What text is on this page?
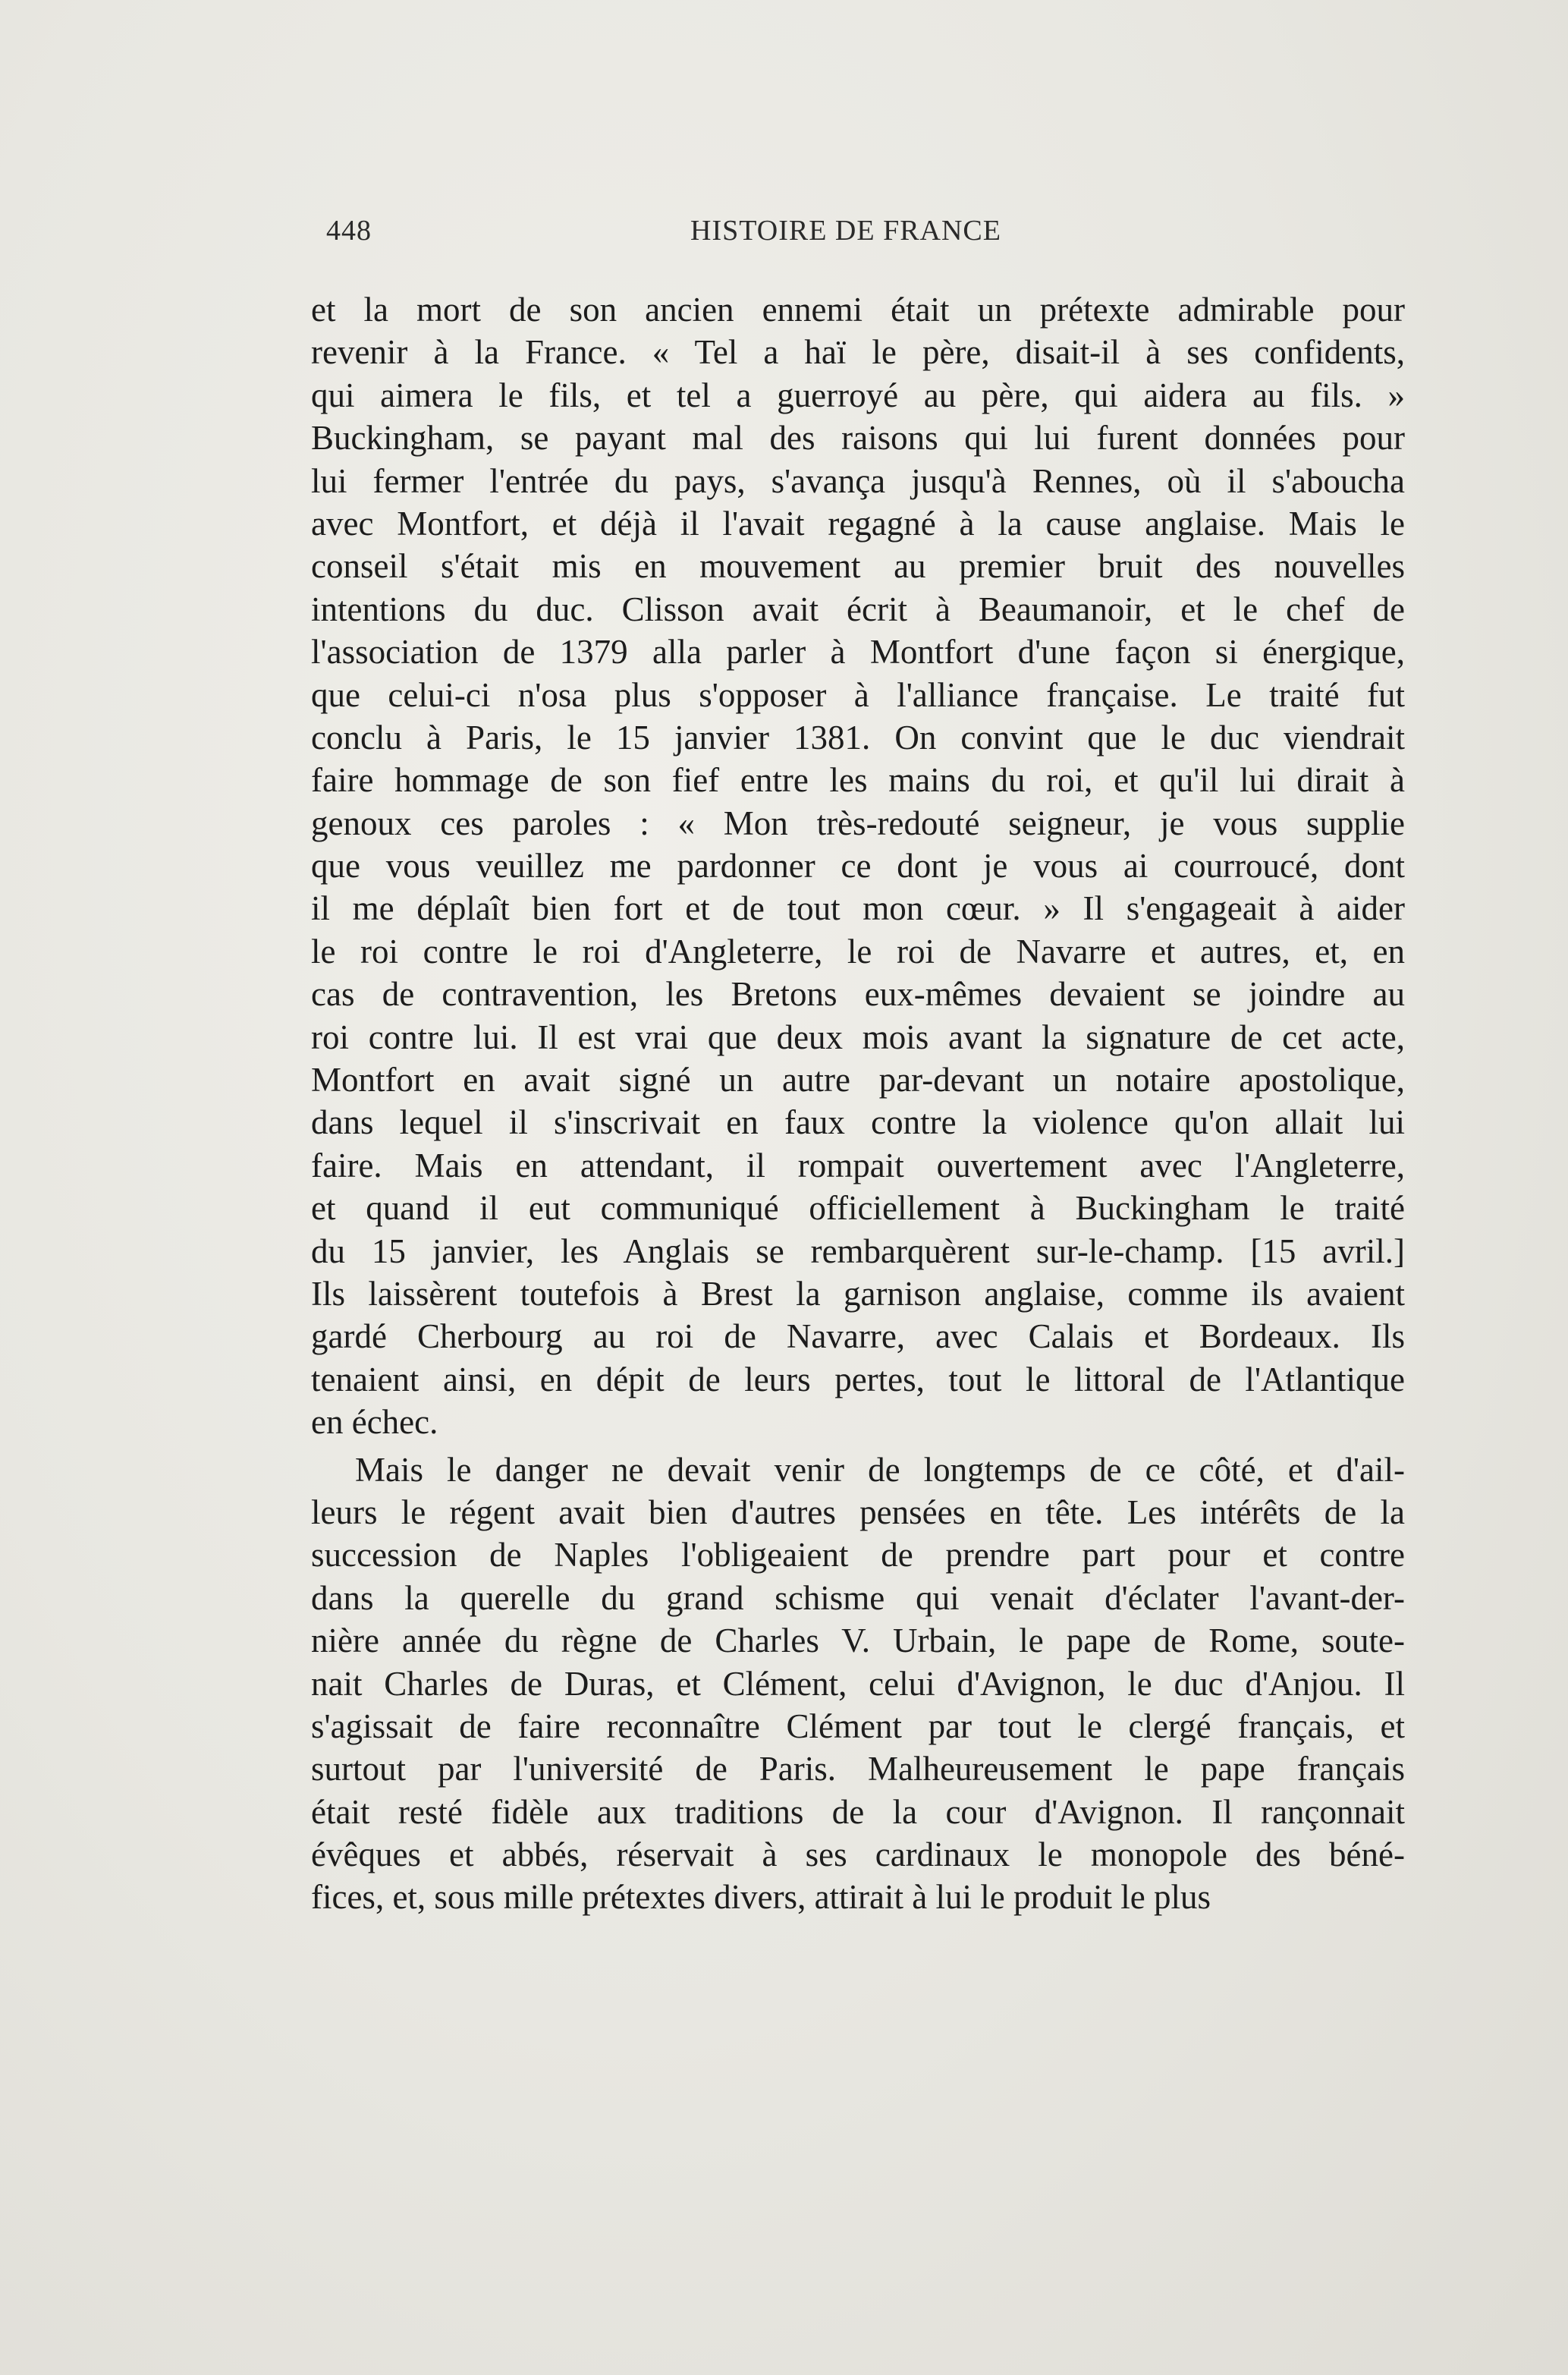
448	HISTOIRE DE FRANCE
et la mort de son ancien ennemi était un prétexte admirable pour
revenir à la France. « Tel a haï le père, disait-il à ses confidents,
qui aimera le fils, et tel a guerroyé au père, qui aidera au fils. »
Buckingham, se payant mal des raisons qui lui furent données pour
lui fermer l'entrée du pays, s'avança jusqu'à Rennes, où il s'aboucha
avec Montfort, et déjà il l'avait regagné à la cause anglaise. Mais le
conseil s'était mis en mouvement au premier bruit des nouvelles
intentions du duc. Clisson avait écrit à Beaumanoir, et le chef de
l'association de 1379 alla parler à Montfort d'une façon si énergique,
que celui-ci n'osa plus s'opposer à l'alliance française. Le traité fut
conclu à Paris, le 15 janvier 1381. On convint que le duc viendrait
faire hommage de son fief entre les mains du roi, et qu'il lui dirait à
genoux ces paroles : « Mon très-redouté seigneur, je vous supplie
que vous veuillez me pardonner ce dont je vous ai courroucé, dont
il me déplaît bien fort et de tout mon cœur. » Il s'engageait à aider
le roi contre le roi d'Angleterre, le roi de Navarre et autres, et, en
cas de contravention, les Bretons eux-mêmes devaient se joindre au
roi contre lui. Il est vrai que deux mois avant la signature de cet acte,
Montfort en avait signé un autre par-devant un notaire apostolique,
dans lequel il s'inscrivait en faux contre la violence qu'on allait lui
faire. Mais en attendant, il rompait ouvertement avec l'Angleterre,
et quand il eut communiqué officiellement à Buckingham le traité
du 15 janvier, les Anglais se rembarquèrent sur-le-champ. [15 avril.]
Ils laissèrent toutefois à Brest la garnison anglaise, comme ils avaient
gardé Cherbourg au roi de Navarre, avec Calais et Bordeaux. Ils
tenaient ainsi, en dépit de leurs pertes, tout le littoral de l'Atlantique
en échec.
Mais le danger ne devait venir de longtemps de ce côté, et d'ail-
leurs le régent avait bien d'autres pensées en tête. Les intérêts de la
succession de Naples l'obligeaient de prendre part pour et contre
dans la querelle du grand schisme qui venait d'éclater l'avant-der-
nière année du règne de Charles V. Urbain, le pape de Rome, soute-
nait Charles de Duras, et Clément, celui d'Avignon, le duc d'Anjou. Il
s'agissait de faire reconnaître Clément par tout le clergé français, et
surtout par l'université de Paris. Malheureusement le pape français
était resté fidèle aux traditions de la cour d'Avignon. Il rançonnait
évêques et abbés, réservait à ses cardinaux le monopole des béné-
fices, et, sous mille prétextes divers, attirait à lui le produit le plus
